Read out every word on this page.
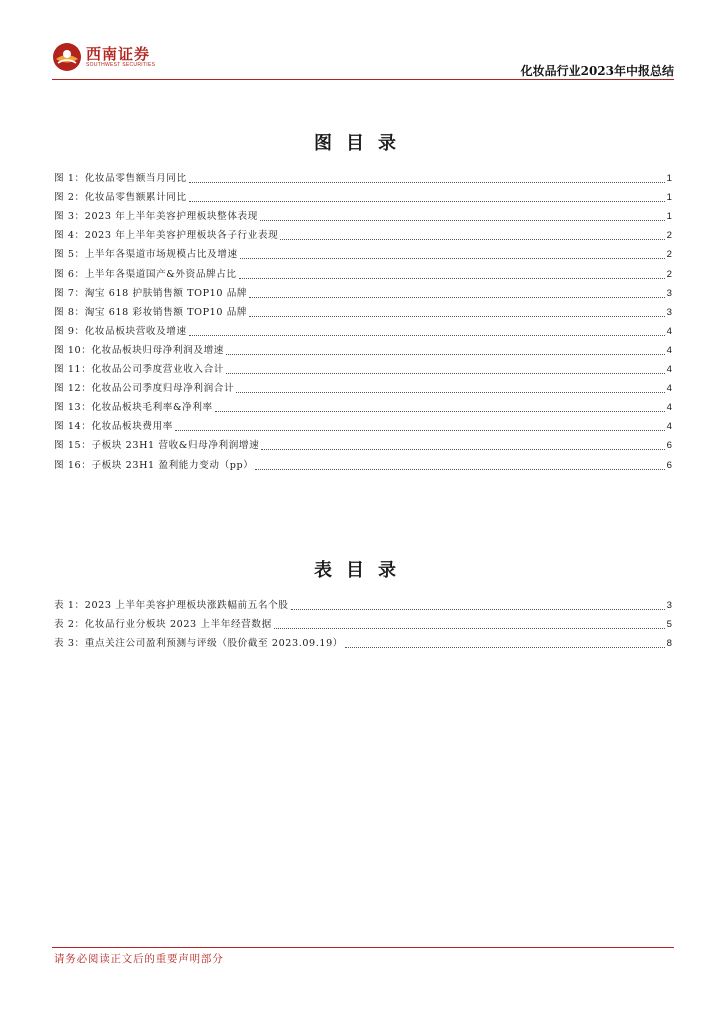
西南证券
SOUTHWEST SECURITIES	化妆品行业2023年中报总结
图目录
图 1：化妆品零售额当月同比	1
图 2：化妆品零售额累计同比	1
图 3：2023 年上半年美容护理板块整体表现	1
图 4：2023 年上半年美容护理板块各子行业表现	2
图 5：上半年各渠道市场规模占比及增速	2
图 6：上半年各渠道国产&外资品牌占比	2
图 7：淘宝 618 护肤销售额 TOP10 品牌	3
图 8：淘宝 618 彩妆销售额 TOP10 品牌	3
图 9：化妆品板块营收及增速	4
图 10：化妆品板块归母净利润及增速	4
图 11：化妆品公司季度营业收入合计	4
图 12：化妆品公司季度归母净利润合计	4
图 13：化妆品板块毛利率&净利率	4
图 14：化妆品板块费用率	4
图 15：子板块 23H1 营收&归母净利润增速	6
图 16：子板块 23H1 盈利能力变动（pp）	6
表目录
表 1：2023 上半年美容护理板块涨跌幅前五名个股	3
表 2：化妆品行业分板块 2023 上半年经营数据	5
表 3：重点关注公司盈利预测与评级（股价截至 2023.09.19）	8
请务必阅读正文后的重要声明部分
